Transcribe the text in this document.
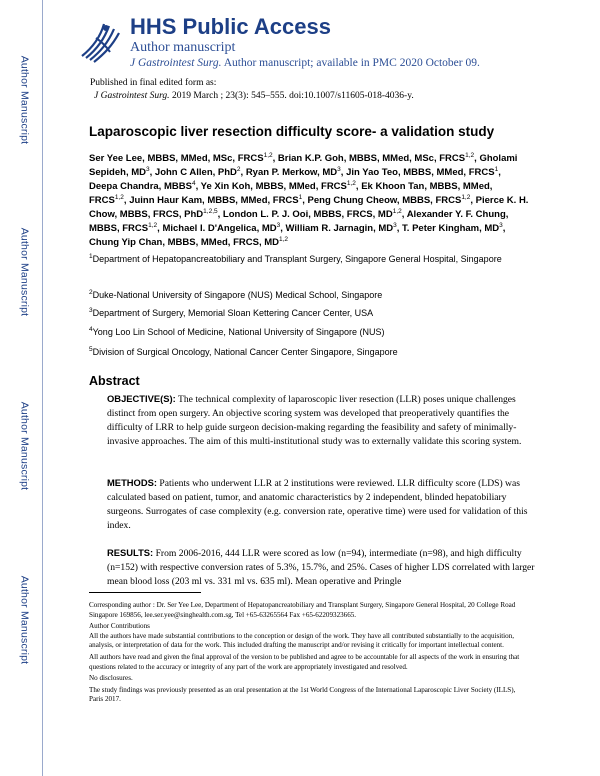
Author Manuscript
Author Manuscript
Author Manuscript
Author Manuscript
HHS Public Access
Author manuscript
J Gastrointest Surg. Author manuscript; available in PMC 2020 October 09.
Published in final edited form as:
J Gastrointest Surg. 2019 March ; 23(3): 545–555. doi:10.1007/s11605-018-4036-y.
Laparoscopic liver resection difficulty score- a validation study
Ser Yee Lee, MBBS, MMed, MSc, FRCS$^{1,2}$, Brian K.P. Goh, MBBS, MMed, MSc, FRCS$^{1,2}$, Gholami Sepideh, $MD^3$, John C Allen, PhD$^2$, Ryan P. Merkow, $MD^3$, Jin Yao Teo, MBBS, MMed, FRCS$^1$, Deepa Chandra, MBBS$^4$, Ye Xin Koh, MBBS, MMed, FRCS$^{1,2}$, Ek Khoon Tan, MBBS, MMed, FRCS$^{1,2}$, Juinn Haur Kam, MBBS, MMed, FRCS$^1$, Peng Chung Cheow, MBBS, FRCS$^{1,2}$, Pierce K. H. Chow, MBBS, FRCS, PhD$^{1,2,5}$, London L. P. J. Ooi, MBBS, FRCS, MD$^{1,2}$, Alexander Y. F. Chung, MBBS, FRCS$^{1,2}$, Michael I. D'Angelica, $MD^3$, William R. Jarnagin, $MD^3$, T. Peter Kingham, $MD^3$, Chung Yip Chan, MBBS, MMed, FRCS, MD$^{1,2}$
$^1$Department of Hepatopancreatobiliary and Transplant Surgery, Singapore General Hospital, Singapore
$^2$Duke-National University of Singapore (NUS) Medical School, Singapore
$^3$Department of Surgery, Memorial Sloan Kettering Cancer Center, USA
$^4$Yong Loo Lin School of Medicine, National University of Singapore (NUS)
$^5$Division of Surgical Oncology, National Cancer Center Singapore, Singapore
Abstract
OBJECTIVE(S): The technical complexity of laparoscopic liver resection (LLR) poses unique challenges distinct from open surgery. An objective scoring system was developed that preoperatively quantifies the difficulty of LRR to help guide surgeon decision-making regarding the feasibility and safety of minimally-invasive approaches. The aim of this multi-institutional study was to externally validate this scoring system.
METHODS: Patients who underwent LLR at 2 institutions were reviewed. LLR difficulty score (LDS) was calculated based on patient, tumor, and anatomic characteristics by 2 independent, blinded hepatobiliary surgeons. Surrogates of case complexity (e.g. conversion rate, operative time) were used for validation of this index.
RESULTS: From 2006-2016, 444 LLR were scored as low (n=94), intermediate (n=98), and high difficulty (n=152) with respective conversion rates of 5.3%, 15.7%, and 25%. Cases of higher LDS correlated with larger mean blood loss (203 ml vs. 331 ml vs. 635 ml). Mean operative and Pringle

Corresponding author : Dr. Ser Yee Lee, Department of Hepatopancreatobiliary and Transplant Surgery, Singapore General Hospital, 20 College Road Singapore 169856, lee.ser.yee@singhealth.com.sg, Tel +65-63265564 Fax +65-62209323665.

Author Contributions

All the authors have made substantial contributions to the conception or design of the work. They have all contributed substantially to the acquisition, analysis, or interpretation of data for the work. This included drafting the manuscript and/or revising it critically for important intellectual content.

All authors have read and given the final approval of the version to be published and agree to be accountable for all aspects of the work in ensuring that questions related to the accuracy or integrity of any part of the work are appropriately investigated and resolved.

No disclosures.

The study findings was previously presented as an oral presentation at the 1st World Congress of the International Laparoscopic Liver Society (ILLS), Paris 2017.
